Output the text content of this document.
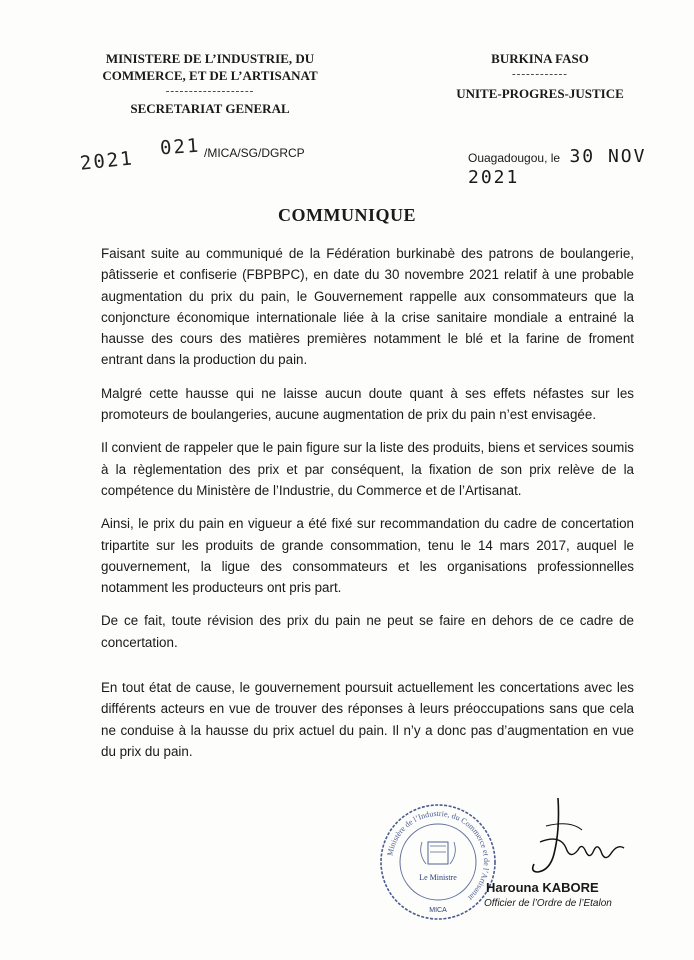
MINISTERE DE L’INDUSTRIE, DU
COMMERCE, ET DE L’ARTISANAT
-------------------
SECRETARIAT GENERAL
BURKINA FASO
------------
UNITE-PROGRES-JUSTICE
2021
021 /MICA/SG/DGRCP	Ouagadougou, le 30 NOV 2021
COMMUNIQUE

Faisant suite au communiqué de la Fédération burkinabè des patrons de boulangerie, pâtisserie et confiserie (FBPBPC), en date du 30 novembre 2021 relatif à une probable augmentation du prix du pain, le Gouvernement rappelle aux consommateurs que la conjoncture économique internationale liée à la crise sanitaire mondiale a entrainé la hausse des cours des matières premières notamment le blé et la farine de froment entrant dans la production du pain.

Malgré cette hausse qui ne laisse aucun doute quant à ses effets néfastes sur les promoteurs de boulangeries, aucune augmentation de prix du pain n’est envisagée.

Il convient de rappeler que le pain figure sur la liste des produits, biens et services soumis à la règlementation des prix et par conséquent, la fixation de son prix relève de la compétence du Ministère de l’Industrie, du Commerce et de l’Artisanat.

Ainsi, le prix du pain en vigueur a été fixé sur recommandation du cadre de concertation tripartite sur les produits de grande consommation, tenu le 14 mars 2017, auquel le gouvernement, la ligue des consommateurs et les organisations professionnelles notamment les producteurs ont pris part.

De ce fait, toute révision des prix du pain ne peut se faire en dehors de ce cadre de concertation.

En tout état de cause, le gouvernement poursuit actuellement les concertations avec les différents acteurs en vue de trouver des réponses à leurs préoccupations sans que cela ne conduise à la hausse du prix actuel du pain. Il n’y a donc pas d’augmentation en vue du prix du pain.

Ministère de l’Industrie, du Commerce et de l’Artisanat
Le Ministre
MICA
Harouna KABORE
Officier de l’Ordre de l’Etalon
